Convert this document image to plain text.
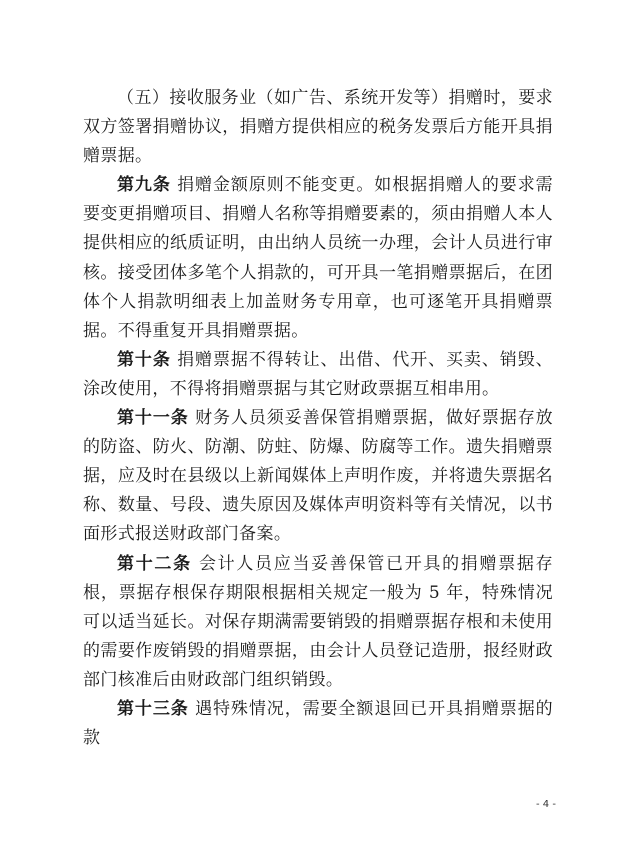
（五）接收服务业（如广告、系统开发等）捐赠时，要求双方签署捐赠协议，捐赠方提供相应的税务发票后方能开具捐赠票据。

第九条 捐赠金额原则不能变更。如根据捐赠人的要求需要变更捐赠项目、捐赠人名称等捐赠要素的，须由捐赠人本人提供相应的纸质证明，由出纳人员统一办理，会计人员进行审核。接受团体多笔个人捐款的，可开具一笔捐赠票据后，在团体个人捐款明细表上加盖财务专用章，也可逐笔开具捐赠票据。不得重复开具捐赠票据。

第十条 捐赠票据不得转让、出借、代开、买卖、销毁、涂改使用，不得将捐赠票据与其它财政票据互相串用。

第十一条 财务人员须妥善保管捐赠票据，做好票据存放的防盗、防火、防潮、防蛀、防爆、防腐等工作。遗失捐赠票据，应及时在县级以上新闻媒体上声明作废，并将遗失票据名称、数量、号段、遗失原因及媒体声明资料等有关情况，以书面形式报送财政部门备案。

第十二条 会计人员应当妥善保管已开具的捐赠票据存根，票据存根保存期限根据相关规定一般为 5 年，特殊情况可以适当延长。对保存期满需要销毁的捐赠票据存根和未使用的需要作废销毁的捐赠票据，由会计人员登记造册，报经财政部门核准后由财政部门组织销毁。

第十三条 遇特殊情况，需要全额退回已开具捐赠票据的款

- 4 -
